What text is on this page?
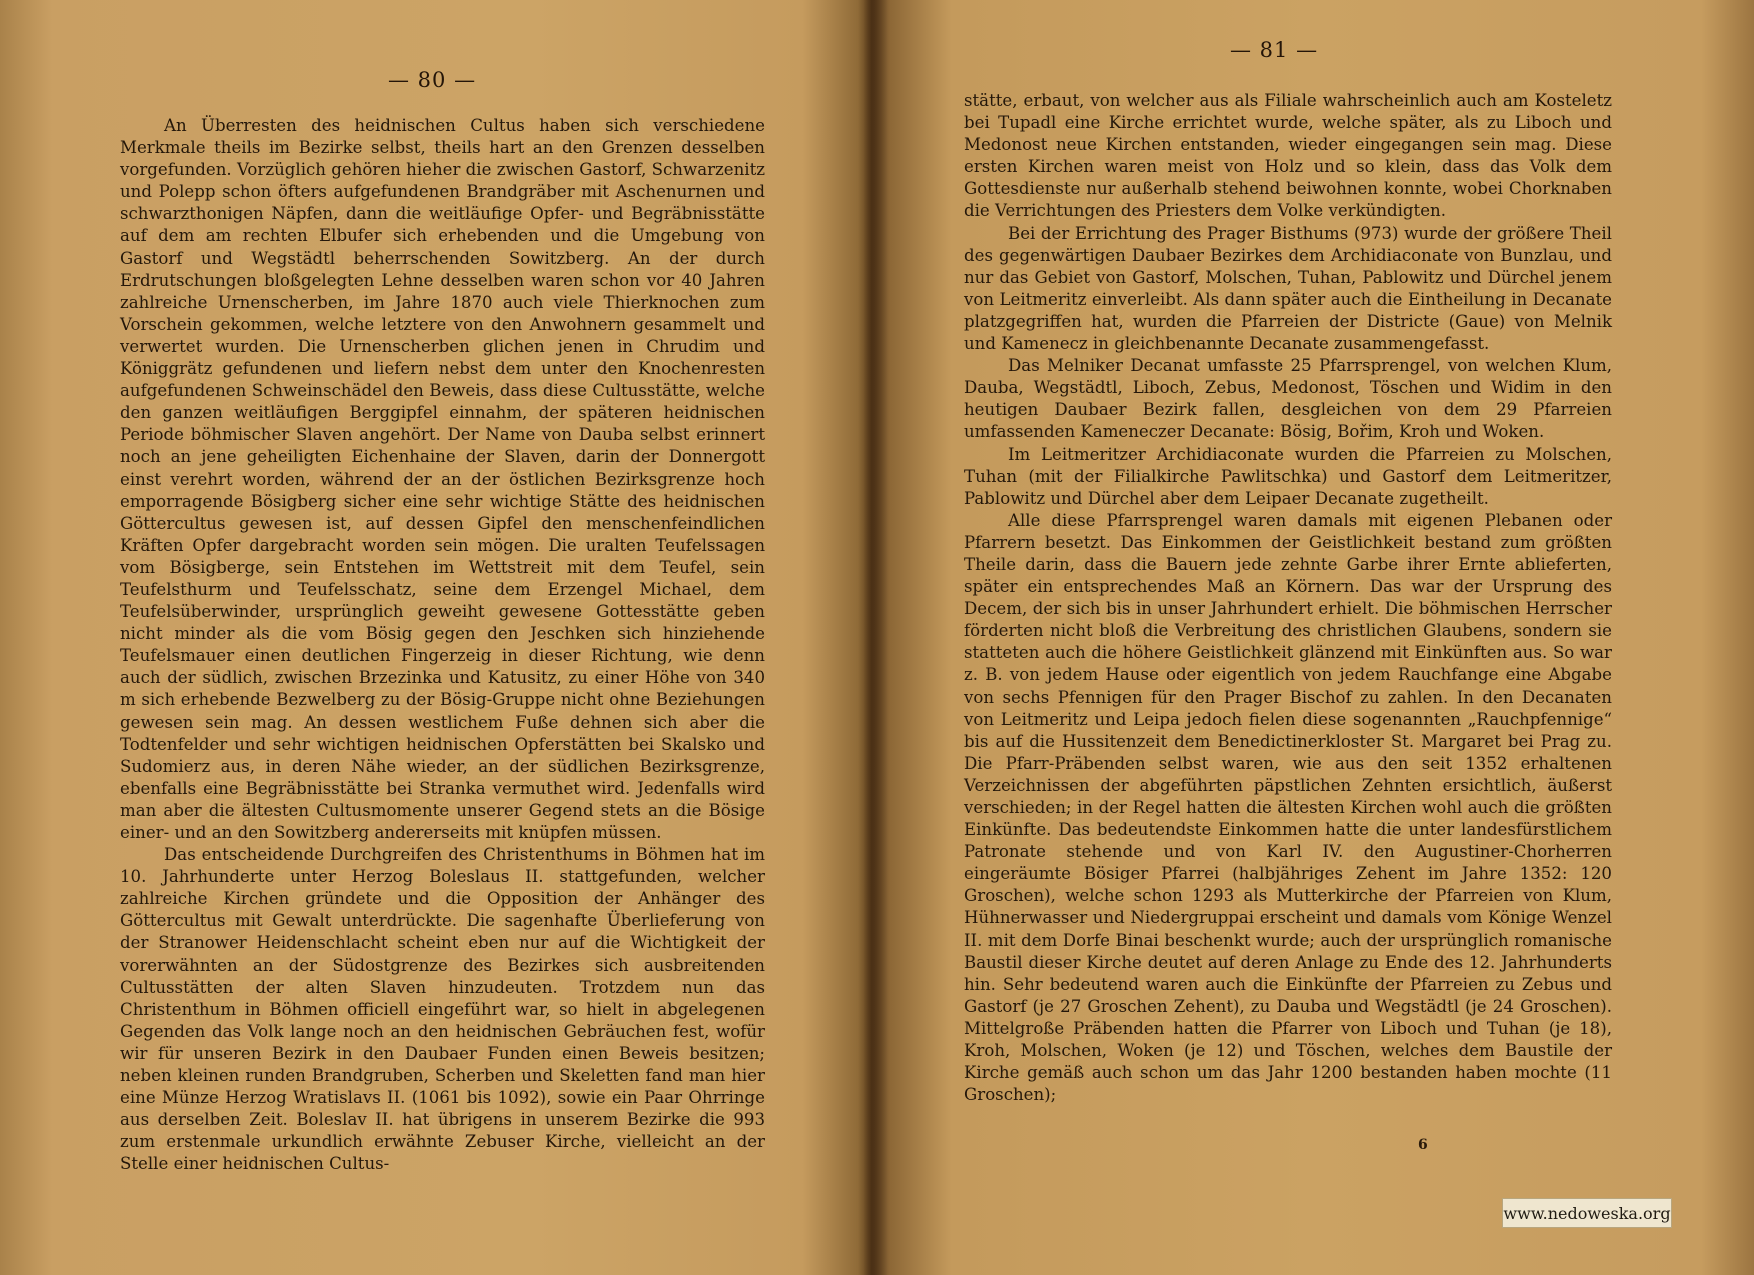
— 80 —

An Überresten des heidnischen Cultus haben sich verschiedene Merkmale theils im Bezirke selbst, theils hart an den Grenzen desselben vorgefunden. Vorzüglich gehören hieher die zwischen Gastorf, Schwarzenitz und Polepp schon öfters aufgefundenen Brandgräber mit Aschenurnen und schwarzthonigen Näpfen, dann die weitläufige Opfer- und Begräbnisstätte auf dem am rechten Elbufer sich erhebenden und die Umgebung von Gastorf und Wegstädtl beherrschenden Sowitzberg. An der durch Erdrutschungen bloßgelegten Lehne desselben waren schon vor 40 Jahren zahlreiche Urnenscherben, im Jahre 1870 auch viele Thierknochen zum Vorschein gekommen, welche letztere von den Anwohnern gesammelt und verwertet wurden. Die Urnenscherben glichen jenen in Chrudim und Königgrätz gefundenen und liefern nebst dem unter den Knochenresten aufgefundenen Schweinschädel den Beweis, dass diese Cultusstätte, welche den ganzen weitläufigen Berggipfel einnahm, der späteren heidnischen Periode böhmischer Slaven angehört. Der Name von Dauba selbst erinnert noch an jene geheiligten Eichenhaine der Slaven, darin der Donnergott einst verehrt worden, während der an der östlichen Bezirksgrenze hoch emporragende Bösigberg sicher eine sehr wichtige Stätte des heidnischen Göttercultus gewesen ist, auf dessen Gipfel den menschenfeindlichen Kräften Opfer dargebracht worden sein mögen. Die uralten Teufelssagen vom Bösigberge, sein Entstehen im Wettstreit mit dem Teufel, sein Teufelsthurm und Teufelsschatz, seine dem Erzengel Michael, dem Teufelsüberwinder, ursprünglich geweiht gewesene Gottesstätte geben nicht minder als die vom Bösig gegen den Jeschken sich hinziehende Teufelsmauer einen deutlichen Fingerzeig in dieser Richtung, wie denn auch der südlich, zwischen Brzezinka und Katusitz, zu einer Höhe von 340 m sich erhebende Bezwelberg zu der Bösig-Gruppe nicht ohne Beziehungen gewesen sein mag. An dessen westlichem Fuße dehnen sich aber die Todtenfelder und sehr wichtigen heidnischen Opferstätten bei Skalsko und Sudomierz aus, in deren Nähe wieder, an der südlichen Bezirksgrenze, ebenfalls eine Begräbnisstätte bei Stranka vermuthet wird. Jedenfalls wird man aber die ältesten Cultusmomente unserer Gegend stets an die Bösige einer- und an den Sowitzberg andererseits mit knüpfen müssen.

Das entscheidende Durchgreifen des Christenthums in Böhmen hat im 10. Jahrhunderte unter Herzog Boleslaus II. stattgefunden, welcher zahlreiche Kirchen gründete und die Opposition der Anhänger des Göttercultus mit Gewalt unterdrückte. Die sagenhafte Überlieferung von der Stranower Heidenschlacht scheint eben nur auf die Wichtigkeit der vorerwähnten an der Südostgrenze des Bezirkes sich ausbreitenden Cultusstätten der alten Slaven hinzudeuten. Trotzdem nun das Christenthum in Böhmen officiell eingeführt war, so hielt in abgelegenen Gegenden das Volk lange noch an den heidnischen Gebräuchen fest, wofür wir für unseren Bezirk in den Daubaer Funden einen Beweis besitzen; neben kleinen runden Brandgruben, Scherben und Skeletten fand man hier eine Münze Herzog Wratislavs II. (1061 bis 1092), sowie ein Paar Ohrringe aus derselben Zeit. Boleslav II. hat übrigens in unserem Bezirke die 993 zum erstenmale urkundlich erwähnte Zebuser Kirche, vielleicht an der Stelle einer heidnischen Cultus-

— 81 —

stätte, erbaut, von welcher aus als Filiale wahrscheinlich auch am Kosteletz bei Tupadl eine Kirche errichtet wurde, welche später, als zu Liboch und Medonost neue Kirchen entstanden, wieder eingegangen sein mag. Diese ersten Kirchen waren meist von Holz und so klein, dass das Volk dem Gottesdienste nur außerhalb stehend beiwohnen konnte, wobei Chorknaben die Verrichtungen des Priesters dem Volke verkündigten.

Bei der Errichtung des Prager Bisthums (973) wurde der größere Theil des gegenwärtigen Daubaer Bezirkes dem Archidiaconate von Bunzlau, und nur das Gebiet von Gastorf, Molschen, Tuhan, Pablowitz und Dürchel jenem von Leitmeritz einverleibt. Als dann später auch die Eintheilung in Decanate platzgegriffen hat, wurden die Pfarreien der Districte (Gaue) von Melnik und Kamenecz in gleichbenannte Decanate zusammengefasst.

Das Melniker Decanat umfasste 25 Pfarrsprengel, von welchen Klum, Dauba, Wegstädtl, Liboch, Zebus, Medonost, Töschen und Widim in den heutigen Daubaer Bezirk fallen, desgleichen von dem 29 Pfarreien umfassenden Kameneczer Decanate: Bösig, Bořim, Kroh und Woken.

Im Leitmeritzer Archidiaconate wurden die Pfarreien zu Molschen, Tuhan (mit der Filialkirche Pawlitschka) und Gastorf dem Leitmeritzer, Pablowitz und Dürchel aber dem Leipaer Decanate zugetheilt.

Alle diese Pfarrsprengel waren damals mit eigenen Plebanen oder Pfarrern besetzt. Das Einkommen der Geistlichkeit bestand zum größten Theile darin, dass die Bauern jede zehnte Garbe ihrer Ernte ablieferten, später ein entsprechendes Maß an Körnern. Das war der Ursprung des Decem, der sich bis in unser Jahrhundert erhielt. Die böhmischen Herrscher förderten nicht bloß die Verbreitung des christlichen Glaubens, sondern sie statteten auch die höhere Geistlichkeit glänzend mit Einkünften aus. So war z. B. von jedem Hause oder eigentlich von jedem Rauchfange eine Abgabe von sechs Pfennigen für den Prager Bischof zu zahlen. In den Decanaten von Leitmeritz und Leipa jedoch fielen diese sogenannten „Rauchpfennige“ bis auf die Hussitenzeit dem Benedictinerkloster St. Margaret bei Prag zu. Die Pfarr-Präbenden selbst waren, wie aus den seit 1352 erhaltenen Verzeichnissen der abgeführten päpstlichen Zehnten ersichtlich, äußerst verschieden; in der Regel hatten die ältesten Kirchen wohl auch die größten Einkünfte. Das bedeutendste Einkommen hatte die unter landesfürstlichem Patronate stehende und von Karl IV. den Augustiner-Chorherren eingeräumte Bösiger Pfarrei (halbjähriges Zehent im Jahre 1352: 120 Groschen), welche schon 1293 als Mutterkirche der Pfarreien von Klum, Hühnerwasser und Niedergruppai erscheint und damals vom Könige Wenzel II. mit dem Dorfe Binai beschenkt wurde; auch der ursprünglich romanische Baustil dieser Kirche deutet auf deren Anlage zu Ende des 12. Jahrhunderts hin. Sehr bedeutend waren auch die Einkünfte der Pfarreien zu Zebus und Gastorf (je 27 Groschen Zehent), zu Dauba und Wegstädtl (je 24 Groschen). Mittelgroße Präbenden hatten die Pfarrer von Liboch und Tuhan (je 18), Kroh, Molschen, Woken (je 12) und Töschen, welches dem Baustile der Kirche gemäß auch schon um das Jahr 1200 bestanden haben mochte (11 Groschen);

6
www.nedoweska.org
